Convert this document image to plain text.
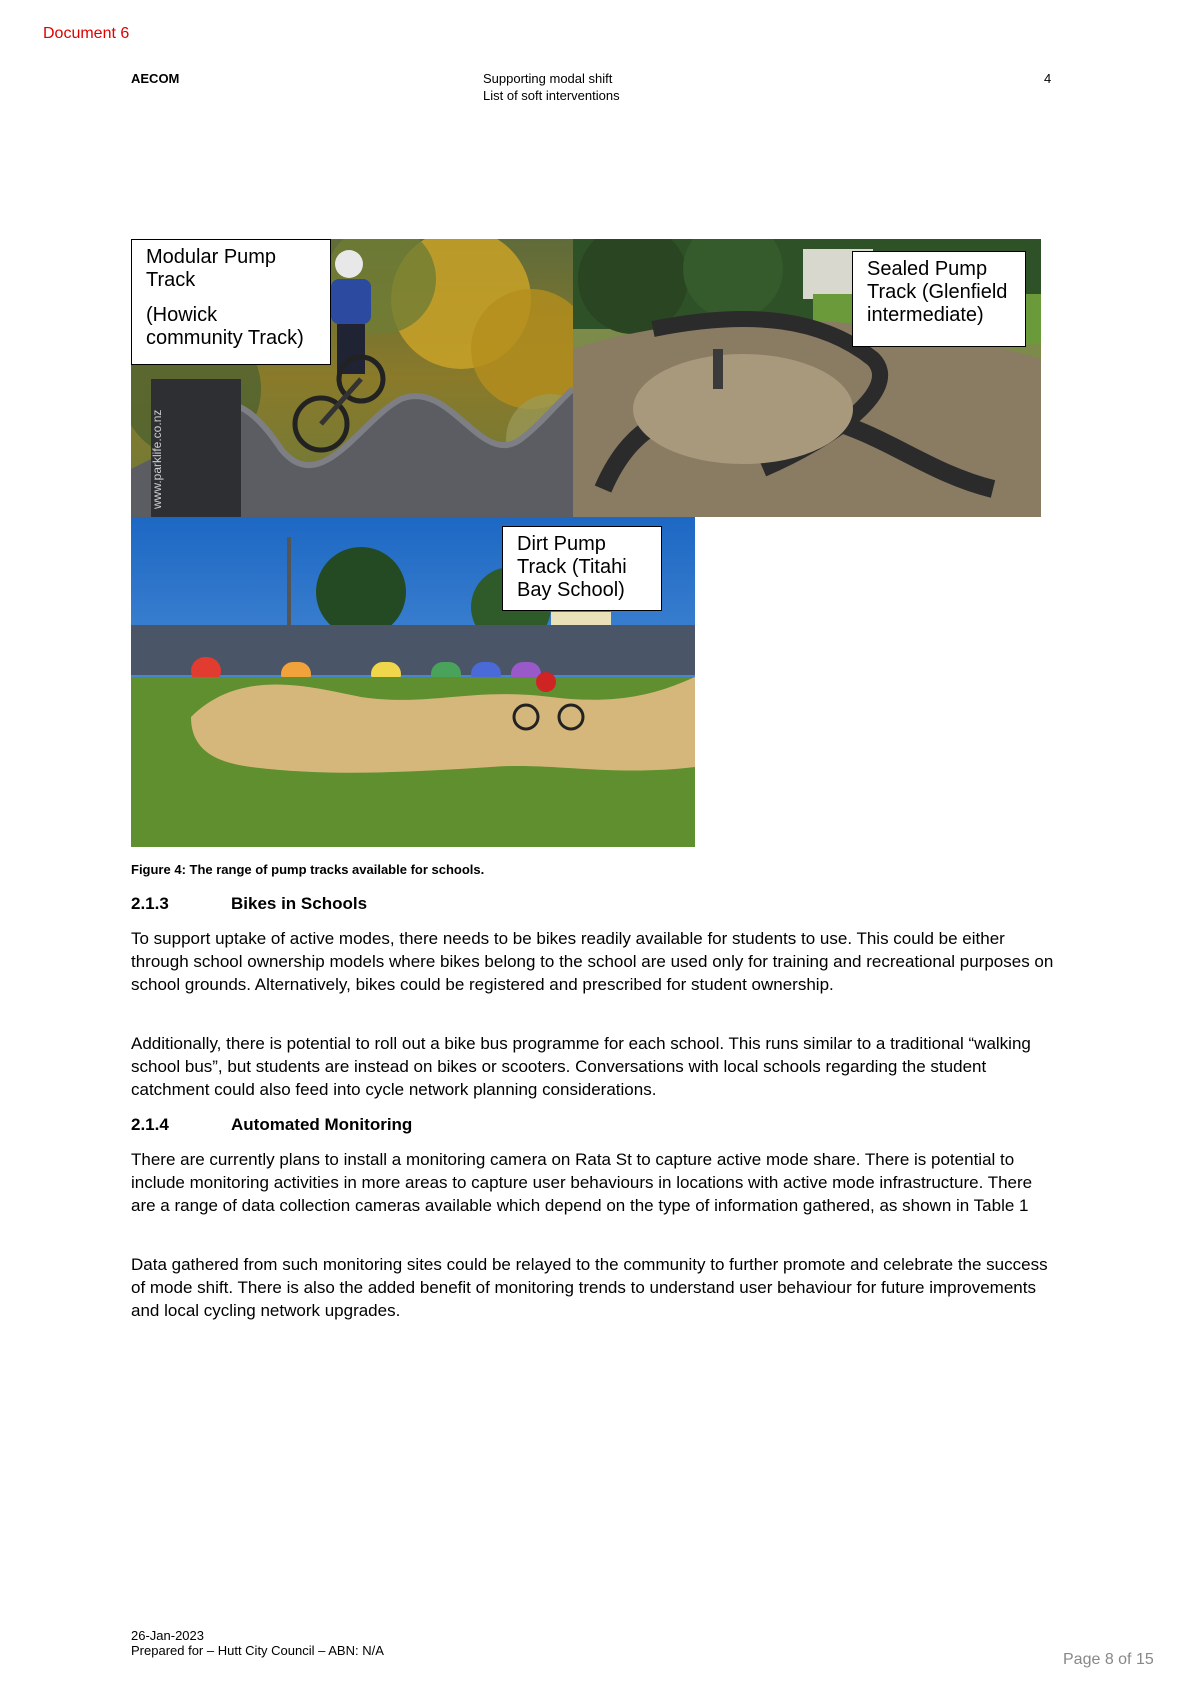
Document 6
AECOM	Supporting modal shift
List of soft interventions
4
www.parklife.co.nz

Modular Pump Track

(Howick community Track)

Sealed Pump Track (Glenfield intermediate)

Dirt Pump Track (Titahi Bay School)

Figure 4: The range of pump tracks available for schools.
2.1.3	Bikes in Schools

To support uptake of active modes, there needs to be bikes readily available for students to use. This could be either through school ownership models where bikes belong to the school are used only for training and recreational purposes on school grounds. Alternatively, bikes could be registered and prescribed for student ownership.

Additionally, there is potential to roll out a bike bus programme for each school. This runs similar to a traditional “walking school bus”, but students are instead on bikes or scooters. Conversations with local schools regarding the student catchment could also feed into cycle network planning considerations.

2.1.4	Automated Monitoring

There are currently plans to install a monitoring camera on Rata St to capture active mode share. There is potential to include monitoring activities in more areas to capture user behaviours in locations with active mode infrastructure. There are a range of data collection cameras available which depend on the type of information gathered, as shown in Table 1

Data gathered from such monitoring sites could be relayed to the community to further promote and celebrate the success of mode shift. There is also the added benefit of monitoring trends to understand user behaviour for future improvements and local cycling network upgrades.

26-Jan-2023
Prepared for – Hutt City Council – ABN: N/A
Page 8 of 15
